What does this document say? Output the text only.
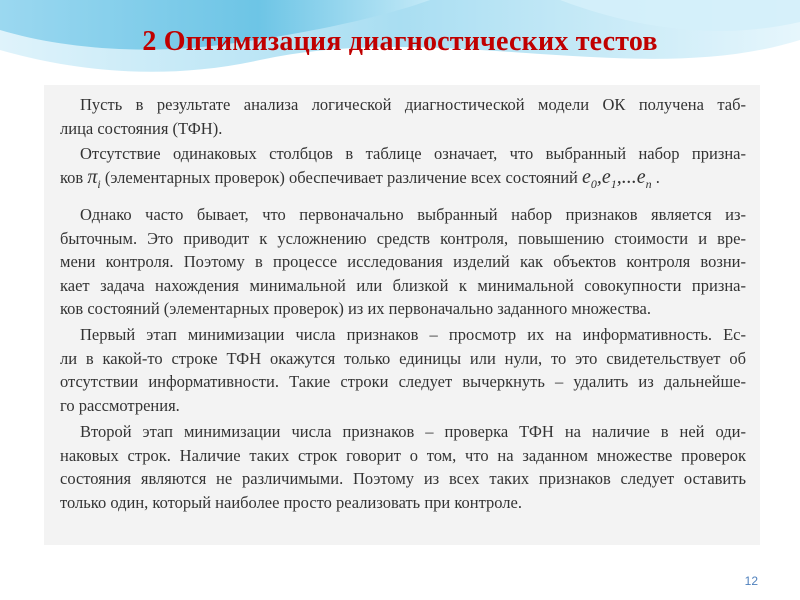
2 Оптимизация диагностических тестов
Пусть в результате анализа логической диагностической модели ОК получена таб-
лица состояния (ТФН).
Отсутствие одинаковых столбцов в таблице означает, что выбранный набор призна-
ков $\pi_i$ (элементарных проверок) обеспечивает различение всех состояний $e_0,e_1,...e_n$ .
Однако часто бывает, что первоначально выбранный набор признаков является из-
быточным. Это приводит к усложнению средств контроля, повышению стоимости и вре-
мени контроля. Поэтому в процессе исследования изделий как объектов контроля возни-
кает задача нахождения минимальной или близкой к минимальной совокупности призна-
ков состояний (элементарных проверок) из их первоначально заданного множества.
Первый этап минимизации числа признаков – просмотр их на информативность. Ес-
ли в какой-то строке ТФН окажутся только единицы или нули, то это свидетельствует об
отсутствии информативности. Такие строки следует вычеркнуть – удалить из дальнейше-
го рассмотрения.
Второй этап минимизации числа признаков – проверка ТФН на наличие в ней оди-
наковых строк. Наличие таких строк говорит о том, что на заданном множестве проверок
состояния являются не различимыми. Поэтому из всех таких признаков следует оставить
только один, который наиболее просто реализовать при контроле.
12
